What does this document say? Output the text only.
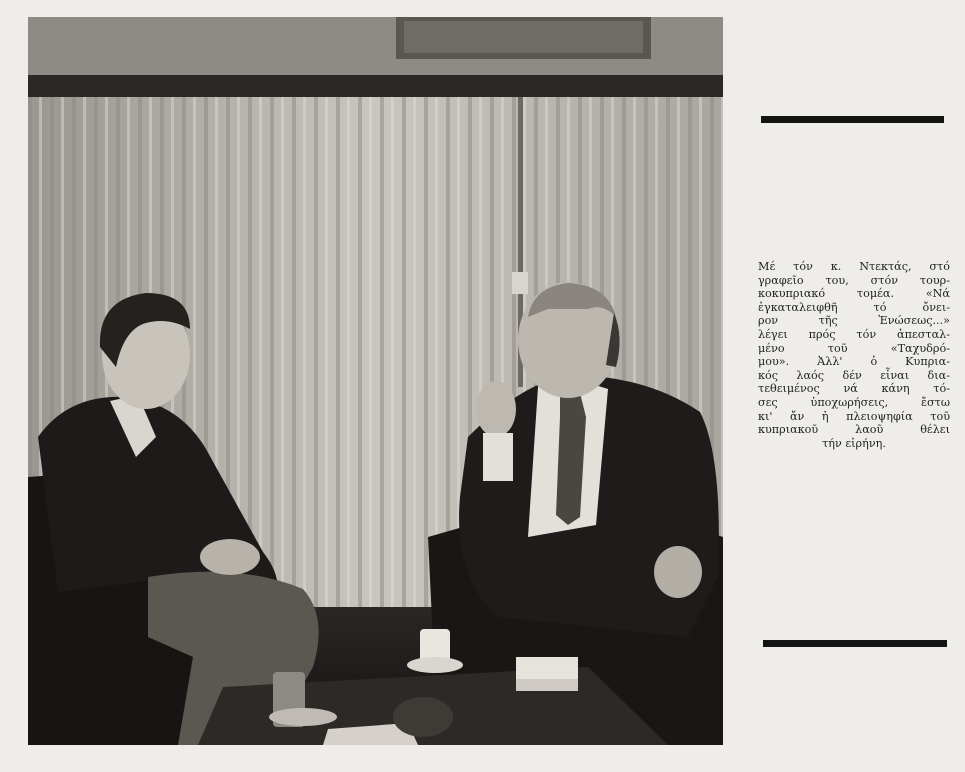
Μέ τόν κ. Ντεκτάς, στό
γραφεῖο του, στόν τουρ-
κοκυπριακό τομέα. «Νά
ἐγκαταλειφθῆ τό ὄνει-
ρον τῆς Ἑνώσεως...»
λέγει πρός τόν ἀπεσταλ-
μένο τοῦ «Ταχυδρό-
μου». Ἀλλ' ὁ Κυπρια-
κός λαός δέν εἶναι δια-
τεθειμένος νά κάνη τό-
σες ὑποχωρήσεις, ἔστω
κι' ἄν ἡ πλειοψηφία τοῦ
κυπριακοῦ λαοῦ θέλει
τήν εἰρήνη.
